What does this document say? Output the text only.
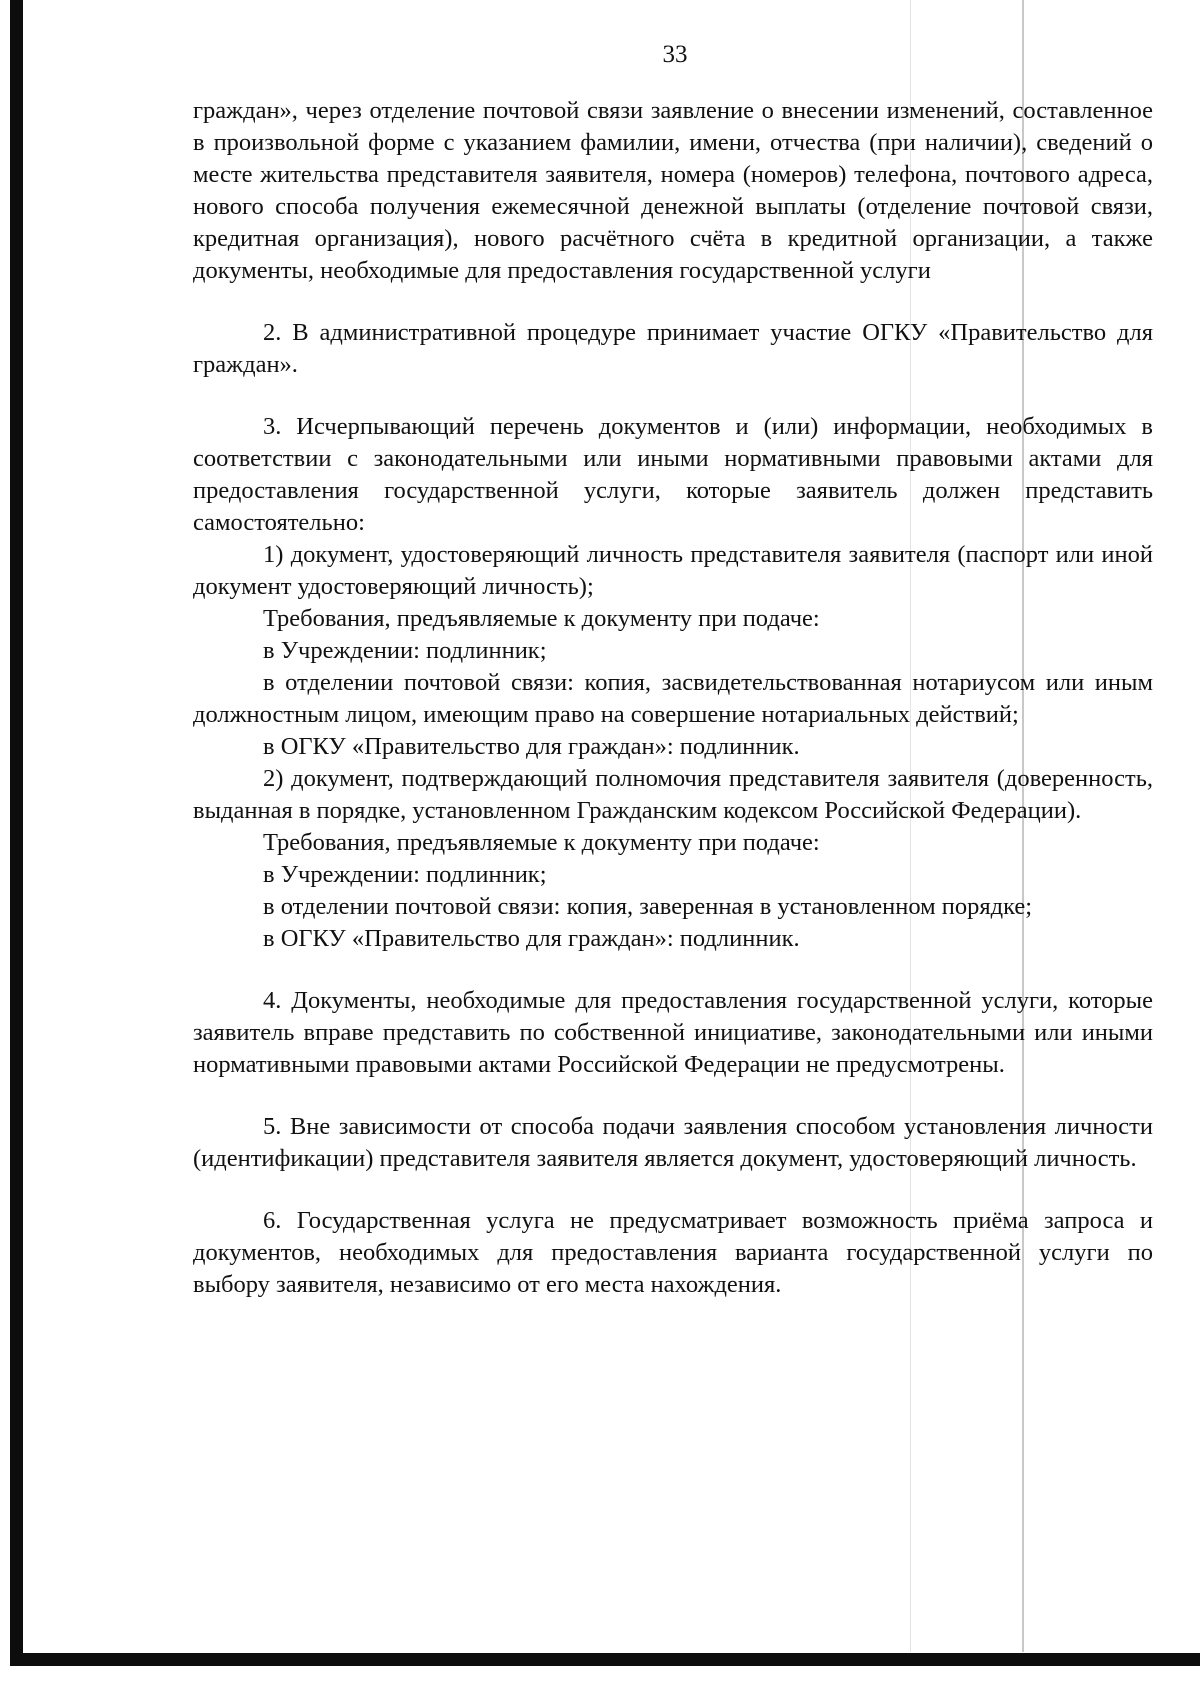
33

граждан», через отделение почтовой связи заявление о внесении изменений, составленное в произвольной форме с указанием фамилии, имени, отчества (при наличии), сведений о месте жительства представителя заявителя, номера (номеров) телефона, почтового адреса, нового способа получения ежемесячной денежной выплаты (отделение почтовой связи, кредитная организация), нового расчётного счёта в кредитной организации, а также документы, необходимые для предоставления государственной услуги

2. В административной процедуре принимает участие ОГКУ «Правительство для граждан».

3. Исчерпывающий перечень документов и (или) информации, необходимых в соответствии с законодательными или иными нормативными правовыми актами для предоставления государственной услуги, которые заявитель должен представить самостоятельно:

1) документ, удостоверяющий личность представителя заявителя (паспорт или иной документ удостоверяющий личность);

Требования, предъявляемые к документу при подаче:

в Учреждении: подлинник;

в отделении почтовой связи: копия, засвидетельствованная нотариусом или иным должностным лицом, имеющим право на совершение нотариальных действий;

в ОГКУ «Правительство для граждан»: подлинник.

2) документ, подтверждающий полномочия представителя заявителя (доверенность, выданная в порядке, установленном Гражданским кодексом Российской Федерации).

Требования, предъявляемые к документу при подаче:

в Учреждении: подлинник;

в отделении почтовой связи: копия, заверенная в установленном порядке;

в ОГКУ «Правительство для граждан»: подлинник.

4. Документы, необходимые для предоставления государственной услуги, которые заявитель вправе представить по собственной инициативе, законодательными или иными нормативными правовыми актами Российской Федерации не предусмотрены.

5. Вне зависимости от способа подачи заявления способом установления личности (идентификации) представителя заявителя является документ, удостоверяющий личность.

6. Государственная услуга не предусматривает возможность приёма запроса и документов, необходимых для предоставления варианта государственной услуги по выбору заявителя, независимо от его места нахождения.
